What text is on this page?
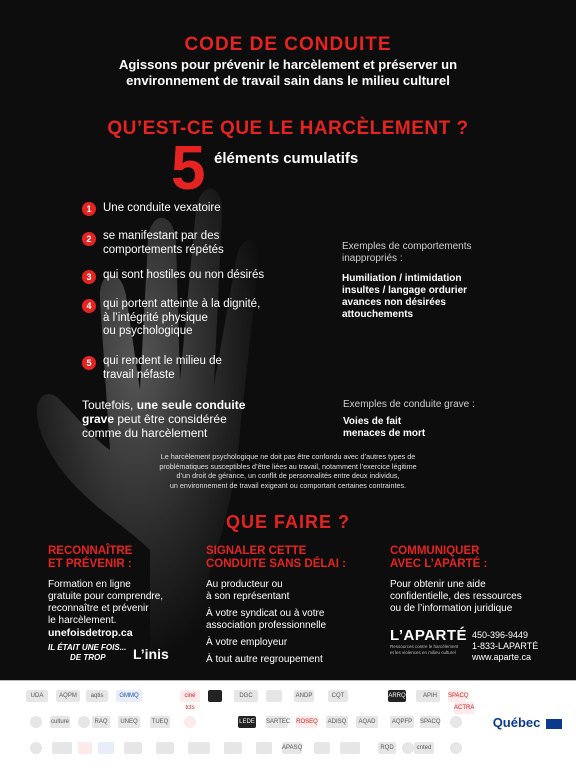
CODE DE CONDUITE
Agissons pour prévenir le harcèlement et préserver un
environnement de travail sain dans le milieu culturel
QU’EST-CE QUE LE HARCÈLEMENT ?
5 éléments cumulatifs
1	Une conduite vexatoire
2	se manifestant par des
comportements répétés
3	qui sont hostiles ou non désirés
4	qui portent atteinte à la dignité,
à l’intégrité physique
ou psychologique
5	qui rendent le milieu de
travail néfaste
Exemples de comportements
inappropriés :
Humiliation / intimidation
insultes / langage ordurier
avances non désirées
attouchements
Toutefois, une seule conduite
grave peut être considérée
comme du harcèlement
Exemples de conduite grave :
Voies de fait
menaces de mort
Le harcèlement psychologique ne doit pas être confondu avec d’autres types de
problématiques susceptibles d’être liées au travail, notamment l’exercice légitime
d’un droit de gérance, un conflit de personnalités entre deux individus,
un environnement de travail exigeant ou comportant certaines contraintes.
QUE FAIRE ?
RECONNAÎTRE
ET PRÉVENIR :
Formation en ligne
gratuite pour comprendre,
reconnaître et prévenir
le harcèlement.
unefoisdetrop.ca
IL ÉTAIT UNE FOIS...
DE TROP	L’inis
SIGNALER CETTE
CONDUITE SANS DÉLAI :
Au producteur ou
à son représentant
À votre syndicat ou à votre
association professionnelle
À votre employeur
À tout autre regroupement
COMMUNIQUER
AVEC L’APARTÉ :
Pour obtenir une aide
confidentielle, des ressources
ou de l’information juridique
L’APARTÉ
Ressources contre le harcèlement
et les violences en milieu culturel
450-396-9449
1-833-LAPARTÉ
www.aparte.ca
UDA	AQPM	aqtis	GMMQ	ciné tcts
DGC	ANDP	CQT	ARRQ	APIH	SPACQ
culture	RAQ	UNEQ	TUEQ	LEDE SARTEC ROSEQ ADISQ	AQAD	AQPFP	SPACQ
ACTRA
APASQ	RQD	cnted
Québec
